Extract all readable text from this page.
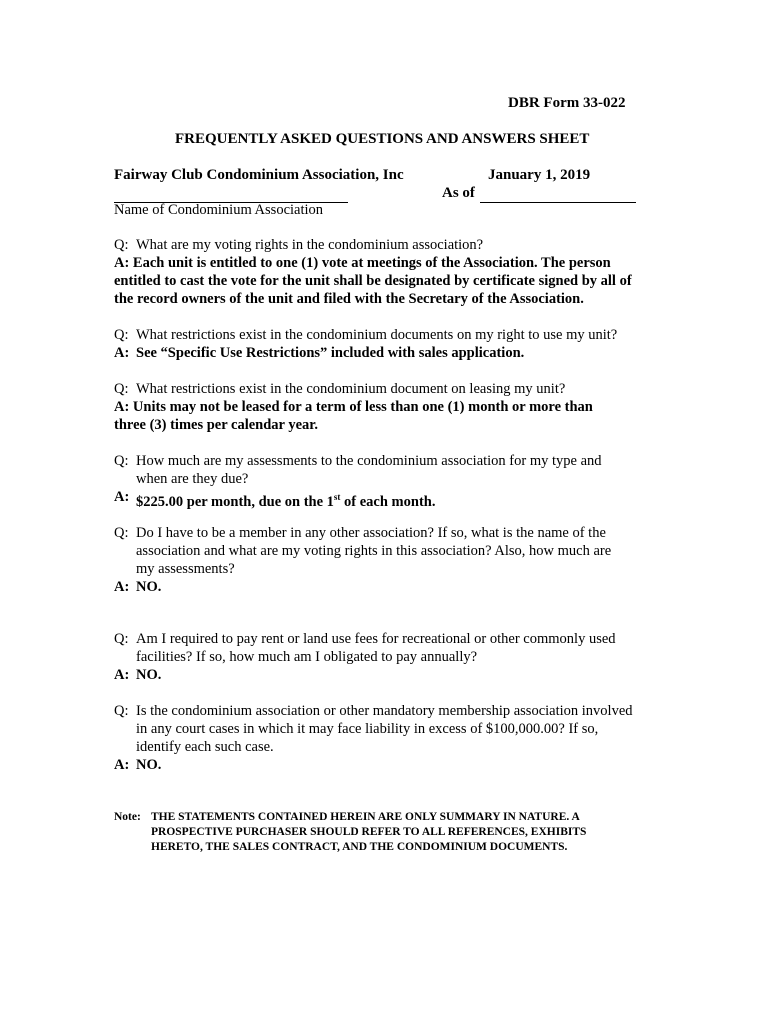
DBR Form 33-022
FREQUENTLY ASKED QUESTIONS AND ANSWERS SHEET
Fairway Club Condominium Association, Inc	January 1, 2019
As of
Name of Condominium Association
Q: What are my voting rights in the condominium association?
A: Each unit is entitled to one (1) vote at meetings of the Association. The person
entitled to cast the vote for the unit shall be designated by certificate signed by all of
the record owners of the unit and filed with the Secretary of the Association.
Q: What restrictions exist in the condominium documents on my right to use my unit?
A: See “Specific Use Restrictions” included with sales application.
Q: What restrictions exist in the condominium document on leasing my unit?
A: Units may not be leased for a term of less than one (1) month or more than
three (3) times per calendar year.
Q: How much are my assessments to the condominium association for my type and
when are they due?
A: $225.00 per month, due on the 1st of each month.
Q: Do I have to be a member in any other association? If so, what is the name of the
association and what are my voting rights in this association? Also, how much are
my assessments?
A: NO.
Q: Am I required to pay rent or land use fees for recreational or other commonly used
facilities? If so, how much am I obligated to pay annually?
A: NO.
Q: Is the condominium association or other mandatory membership association involved
in any court cases in which it may face liability in excess of $100,000.00? If so,
identify each such case.
A: NO.
Note: THE STATEMENTS CONTAINED HEREIN ARE ONLY SUMMARY IN NATURE. A
PROSPECTIVE PURCHASER SHOULD REFER TO ALL REFERENCES, EXHIBITS
HERETO, THE SALES CONTRACT, AND THE CONDOMINIUM DOCUMENTS.
